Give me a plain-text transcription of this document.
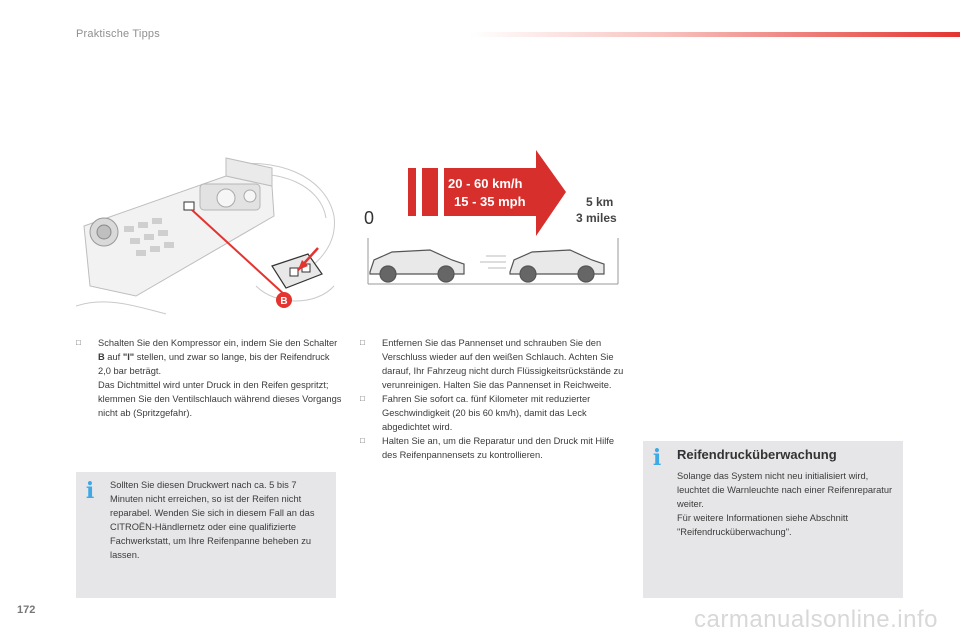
Praktische Tipps
B
20 - 60 km/h
15 - 35 mph
0
5 km
3 miles
□ Schalten Sie den Kompressor ein, indem Sie den Schalter B auf "I" stellen, und zwar so lange, bis der Reifendruck 2,0 bar beträgt.

Das Dichtmittel wird unter Druck in den Reifen gespritzt; klemmen Sie den Ventilschlauch während dieses Vorgangs nicht ab (Spritzgefahr).

□ Entfernen Sie das Pannenset und schrauben Sie den Verschluss wieder auf den weißen Schlauch. Achten Sie darauf, Ihr Fahrzeug nicht durch Flüssigkeitsrückstände zu verunreinigen. Halten Sie das Pannenset in Reichweite.

□ Fahren Sie sofort ca. fünf Kilometer mit reduzierter Geschwindigkeit (20 bis 60 km/h), damit das Leck abgedichtet wird.

□ Halten Sie an, um die Reparatur und den Druck mit Hilfe des Reifenpannensets zu kontrollieren.

i Sollten Sie diesen Druckwert nach ca. 5 bis 7 Minuten nicht erreichen, so ist der Reifen nicht reparabel. Wenden Sie sich in diesem Fall an das CITROËN-Händlernetz oder eine qualifizierte Fachwerkstatt, um Ihre Reifenpanne beheben zu lassen.
i Reifendrucküberwachung
Solange das System nicht neu initialisiert wird, leuchtet die Warnleuchte nach einer Reifenreparatur weiter.
Für weitere Informationen siehe Abschnitt "Reifendrucküberwachung".
172	carmanualsonline.info
